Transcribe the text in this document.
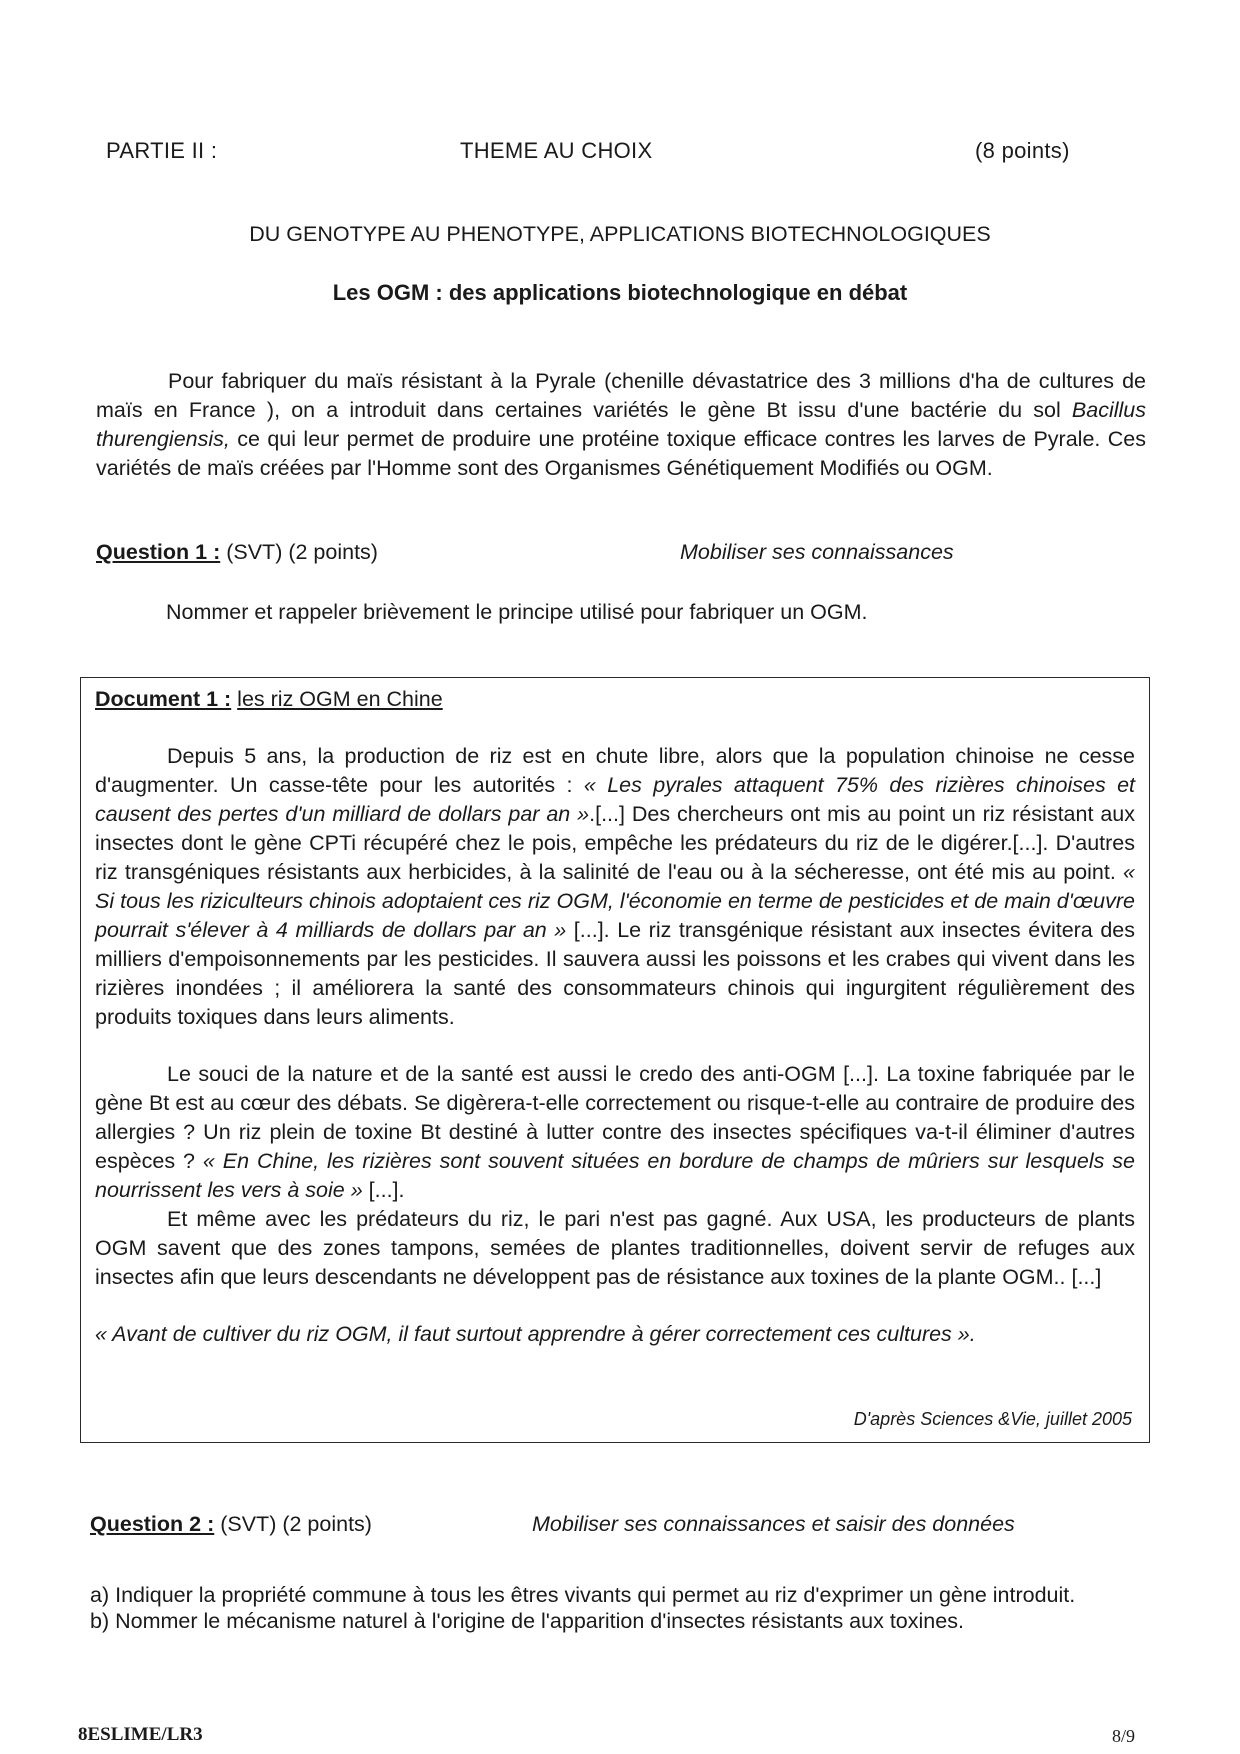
PARTIE II :	THEME AU CHOIX	(8 points)
DU GENOTYPE AU PHENOTYPE, APPLICATIONS BIOTECHNOLOGIQUES
Les OGM : des applications biotechnologique en débat

Pour fabriquer du maïs résistant à la Pyrale (chenille dévastatrice des 3 millions d'ha de cultures de maïs en France ), on a introduit dans certaines variétés le gène Bt issu d'une bactérie du sol Bacillus thurengiensis, ce qui leur permet de produire une protéine toxique efficace contres les larves de Pyrale. Ces variétés de maïs créées par l'Homme sont des Organismes Génétiquement Modifiés ou OGM.

Question 1 : (SVT) (2 points)	Mobiliser ses connaissances
Nommer et rappeler brièvement le principe utilisé pour fabriquer un OGM.
Document 1 : les riz OGM en Chine

Depuis 5 ans, la production de riz est en chute libre, alors que la population chinoise ne cesse d'augmenter. Un casse-tête pour les autorités : « Les pyrales attaquent 75% des rizières chinoises et causent des pertes d'un milliard de dollars par an ».[...] Des chercheurs ont mis au point un riz résistant aux insectes dont le gène CPTi récupéré chez le pois, empêche les prédateurs du riz de le digérer.[...]. D'autres riz transgéniques résistants aux herbicides, à la salinité de l'eau ou à la sécheresse, ont été mis au point. « Si tous les riziculteurs chinois adoptaient ces riz OGM, l'économie en terme de pesticides et de main d'œuvre pourrait s'élever à 4 milliards de dollars par an » [...]. Le riz transgénique résistant aux insectes évitera des milliers d'empoisonnements par les pesticides. Il sauvera aussi les poissons et les crabes qui vivent dans les rizières inondées ; il améliorera la santé des consommateurs chinois qui ingurgitent régulièrement des produits toxiques dans leurs aliments.

Le souci de la nature et de la santé est aussi le credo des anti-OGM [...]. La toxine fabriquée par le gène Bt est au cœur des débats. Se digèrera-t-elle correctement ou risque-t-elle au contraire de produire des allergies ? Un riz plein de toxine Bt destiné à lutter contre des insectes spécifiques va-t-il éliminer d'autres espèces ? « En Chine, les rizières sont souvent situées en bordure de champs de mûriers sur lesquels se nourrissent les vers à soie » [...].

Et même avec les prédateurs du riz, le pari n'est pas gagné. Aux USA, les producteurs de plants OGM savent que des zones tampons, semées de plantes traditionnelles, doivent servir de refuges aux insectes afin que leurs descendants ne développent pas de résistance aux toxines de la plante OGM.. [...]

« Avant de cultiver du riz OGM, il faut surtout apprendre à gérer correctement ces cultures ».

D'après Sciences &Vie, juillet 2005
Question 2 : (SVT) (2 points)	Mobiliser ses connaissances et saisir des données
a) Indiquer la propriété commune à tous les êtres vivants qui permet au riz d'exprimer un gène introduit.
b) Nommer le mécanisme naturel à l'origine de l'apparition d'insectes résistants aux toxines.
8ESLIME/LR3	8/9
